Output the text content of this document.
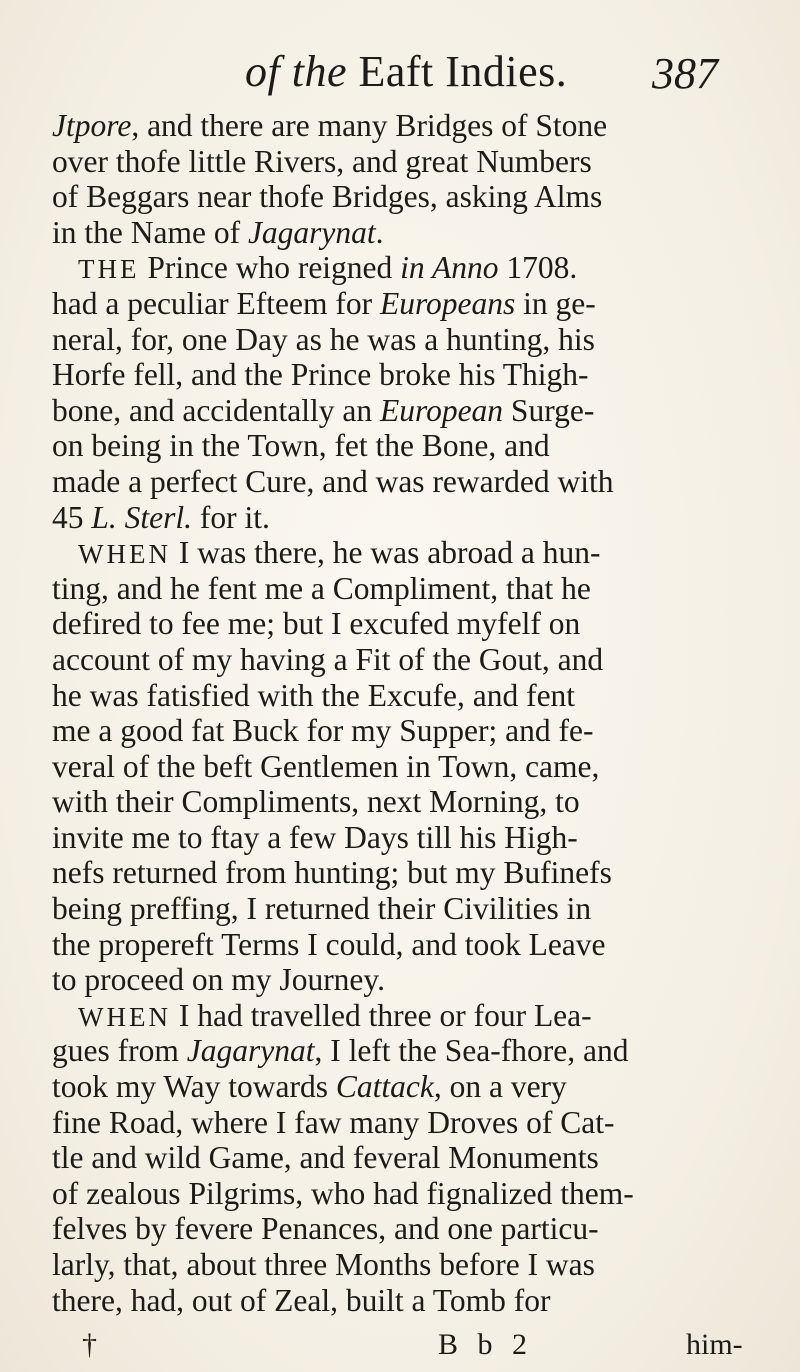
of the Eaft Indies. 387
Jtpore, and there are many Bridges of Stone
over thofe little Rivers, and great Numbers
of Beggars near thofe Bridges, asking Alms
in the Name of Jagarynat.
THE Prince who reigned in Anno 1708.
had a peculiar Efteem for Europeans in ge-
neral, for, one Day as he was a hunting, his
Horfe fell, and the Prince broke his Thigh-
bone, and accidentally an European Surge-
on being in the Town, fet the Bone, and
made a perfect Cure, and was rewarded with
45 L. Sterl. for it.
WHEN I was there, he was abroad a hun-
ting, and he fent me a Compliment, that he
defired to fee me; but I excufed myfelf on
account of my having a Fit of the Gout, and
he was fatisfied with the Excufe, and fent
me a good fat Buck for my Supper; and fe-
veral of the beft Gentlemen in Town, came,
with their Compliments, next Morning, to
invite me to ftay a few Days till his High-
nefs returned from hunting; but my Bufinefs
being preffing, I returned their Civilities in
the propereft Terms I could, and took Leave
to proceed on my Journey.
WHEN I had travelled three or four Lea-
gues from Jagarynat, I left the Sea-fhore, and
took my Way towards Cattack, on a very
fine Road, where I faw many Droves of Cat-
tle and wild Game, and feveral Monuments
of zealous Pilgrims, who had fignalized them-
felves by fevere Penances, and one particu-
larly, that, about three Months before I was
there, had, out of Zeal, built a Tomb for
†	B b 2	him-
